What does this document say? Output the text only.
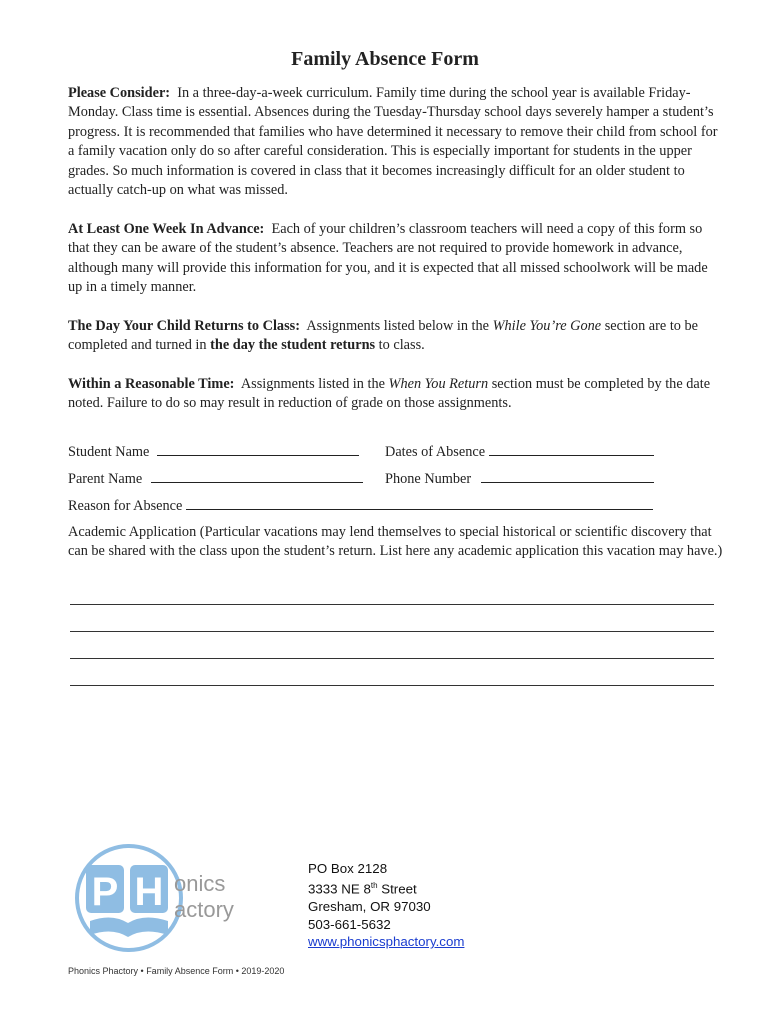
Family Absence Form

Please Consider: In a three-day-a-week curriculum. Family time during the school year is available Friday-Monday. Class time is essential. Absences during the Tuesday-Thursday school days severely hamper a student’s progress. It is recommended that families who have determined it necessary to remove their child from school for a family vacation only do so after careful consideration. This is especially important for students in the upper grades. So much information is covered in class that it becomes increasingly difficult for an older student to actually catch-up on what was missed.

At Least One Week In Advance: Each of your children’s classroom teachers will need a copy of this form so that they can be aware of the student’s absence. Teachers are not required to provide homework in advance, although many will provide this information for you, and it is expected that all missed schoolwork will be made up in a timely manner.

The Day Your Child Returns to Class: Assignments listed below in the While You’re Gone section are to be completed and turned in the day the student returns to class.

Within a Reasonable Time: Assignments listed in the When You Return section must be completed by the date noted. Failure to do so may result in reduction of grade on those assignments.

Student Name	Dates of Absence
Parent Name	Phone Number
Reason for Absence

Academic Application (Particular vacations may lend themselves to special historical or scientific discovery that can be shared with the class upon the student’s return. List here any academic application this vacation may have.)

P H onics
actory
PO Box 2128
3333 NE 8th Street
Gresham, OR 97030
503-661-5632
www.phonicsphactory.com
Phonics Phactory • Family Absence Form • 2019-2020
